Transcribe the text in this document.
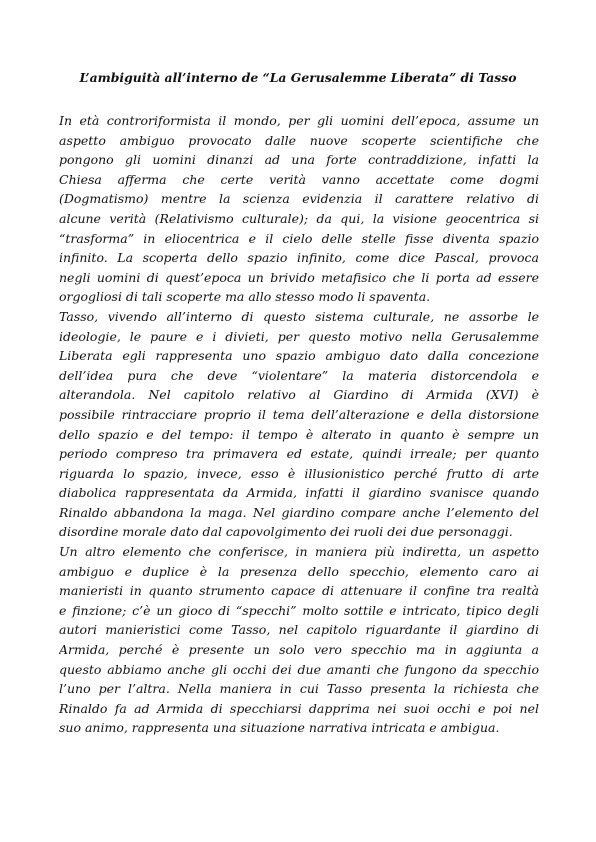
L’ambiguità all’interno de “La Gerusalemme Liberata” di Tasso
In età controriformista il mondo, per gli uomini dell’epoca, assume un
aspetto ambiguo provocato dalle nuove scoperte scientifiche che
pongono gli uomini dinanzi ad una forte contraddizione, infatti la
Chiesa afferma che certe verità vanno accettate come dogmi
(Dogmatismo) mentre la scienza evidenzia il carattere relativo di
alcune verità (Relativismo culturale); da qui, la visione geocentrica si
“trasforma” in eliocentrica e il cielo delle stelle fisse diventa spazio
infinito. La scoperta dello spazio infinito, come dice Pascal, provoca
negli uomini di quest’epoca un brivido metafisico che li porta ad essere
orgogliosi di tali scoperte ma allo stesso modo li spaventa.
Tasso, vivendo all’interno di questo sistema culturale, ne assorbe le
ideologie, le paure e i divieti, per questo motivo nella Gerusalemme
Liberata egli rappresenta uno spazio ambiguo dato dalla concezione
dell’idea pura che deve “violentare” la materia distorcendola e
alterandola. Nel capitolo relativo al Giardino di Armida (XVI) è
possibile rintracciare proprio il tema dell’alterazione e della distorsione
dello spazio e del tempo: il tempo è alterato in quanto è sempre un
periodo compreso tra primavera ed estate, quindi irreale; per quanto
riguarda lo spazio, invece, esso è illusionistico perché frutto di arte
diabolica rappresentata da Armida, infatti il giardino svanisce quando
Rinaldo abbandona la maga. Nel giardino compare anche l’elemento del
disordine morale dato dal capovolgimento dei ruoli dei due personaggi.
Un altro elemento che conferisce, in maniera più indiretta, un aspetto
ambiguo e duplice è la presenza dello specchio, elemento caro ai
manieristi in quanto strumento capace di attenuare il confine tra realtà
e finzione; c’è un gioco di “specchi” molto sottile e intricato, tipico degli
autori manieristici come Tasso, nel capitolo riguardante il giardino di
Armida, perché è presente un solo vero specchio ma in aggiunta a
questo abbiamo anche gli occhi dei due amanti che fungono da specchio
l’uno per l’altra. Nella maniera in cui Tasso presenta la richiesta che
Rinaldo fa ad Armida di specchiarsi dapprima nei suoi occhi e poi nel
suo animo, rappresenta una situazione narrativa intricata e ambigua.
